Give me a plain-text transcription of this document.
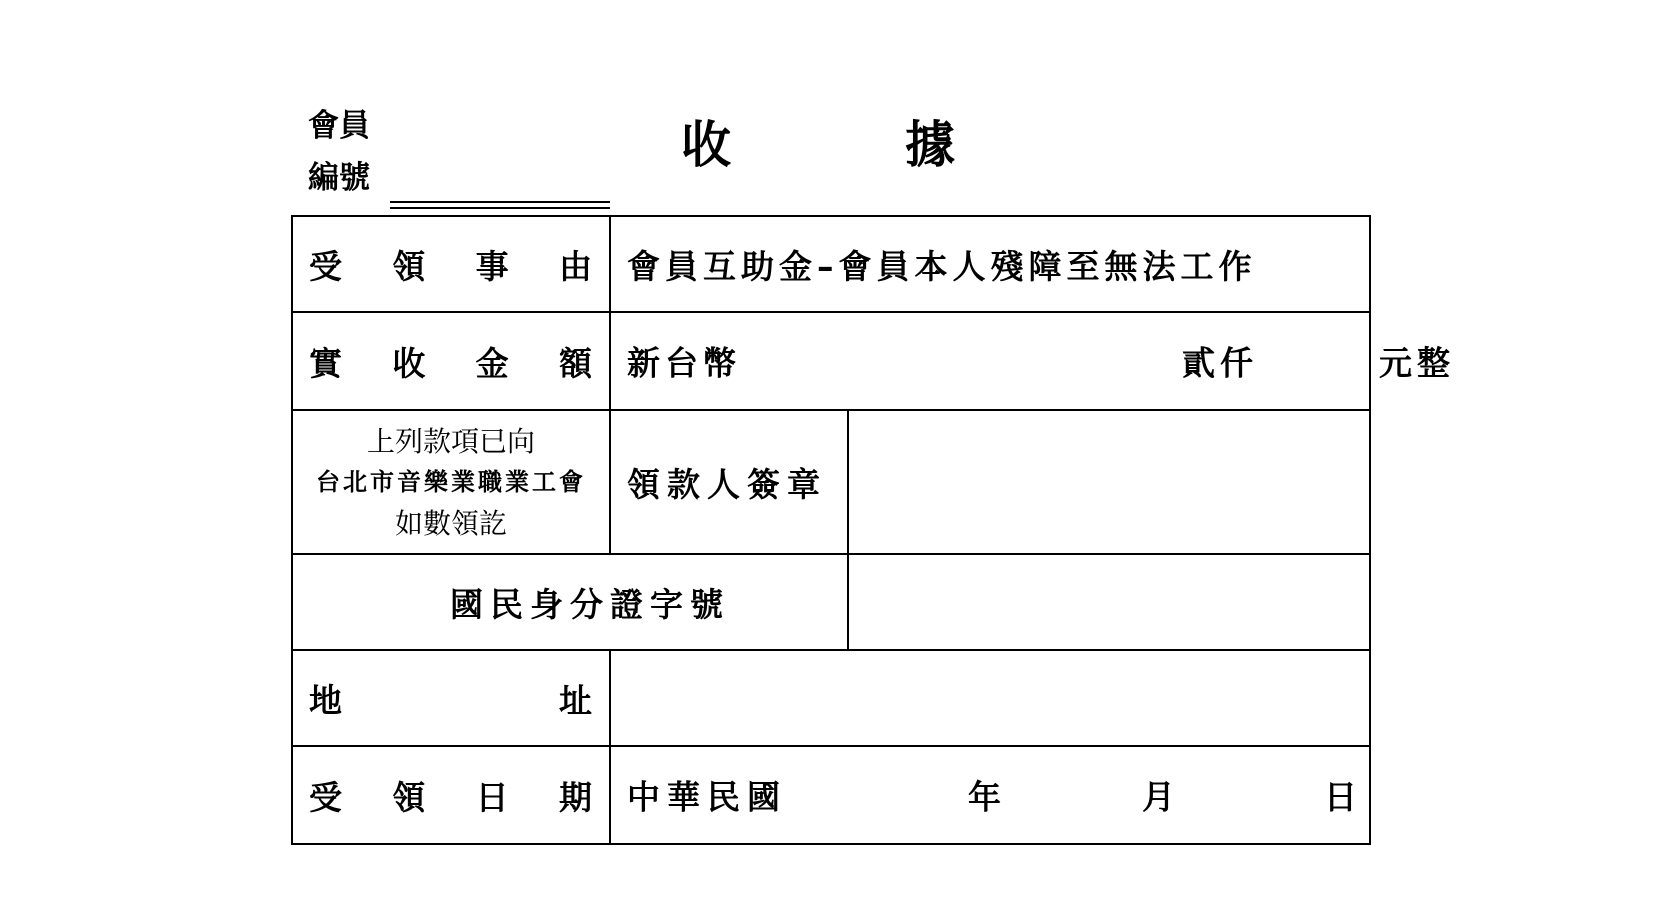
會員
編號
收	據
受 領 事 由	會員互助金–會員本人殘障至無法工作	

實 收 金 額	新台幣 貳仟 元整	

上列款項已向
台北市音樂業職業工會
如數領訖	領款人簽章	

國民身分證字號		

地 址		

受 領 日 期	中華民國 年 月 日	
